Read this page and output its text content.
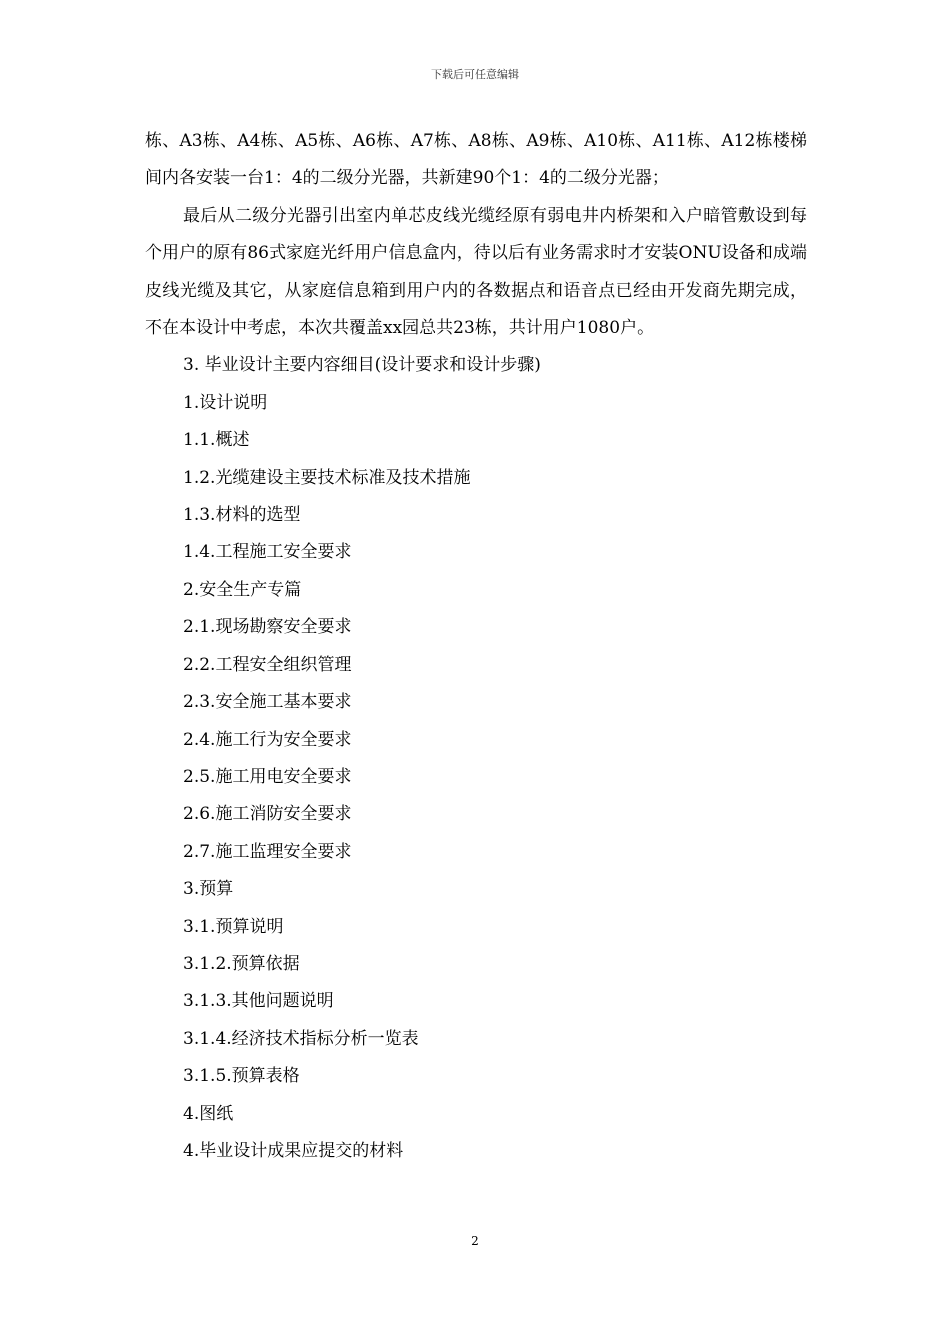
下载后可任意编辑

栋、A3栋、A4栋、A5栋、A6栋、A7栋、A8栋、A9栋、A10栋、A11栋、A12栋楼梯间内各安装一台1：4的二级分光器，共新建90个1：4的二级分光器；

最后从二级分光器引出室内单芯皮线光缆经原有弱电井内桥架和入户暗管敷设到每个用户的原有86式家庭光纤用户信息盒内，待以后有业务需求时才安装ONU设备和成端皮线光缆及其它，从家庭信息箱到用户内的各数据点和语音点已经由开发商先期完成，不在本设计中考虑，本次共覆盖xx园总共23栋，共计用户1080户。

3. 毕业设计主要内容细目(设计要求和设计步骤)
1.设计说明
1.1.概述
1.2.光缆建设主要技术标准及技术措施
1.3.材料的选型
1.4.工程施工安全要求
2.安全生产专篇
2.1.现场勘察安全要求
2.2.工程安全组织管理
2.3.安全施工基本要求
2.4.施工行为安全要求
2.5.施工用电安全要求
2.6.施工消防安全要求
2.7.施工监理安全要求
3.预算
3.1.预算说明
3.1.2.预算依据
3.1.3.其他问题说明
3.1.4.经济技术指标分析一览表
3.1.5.预算表格
4.图纸
4.毕业设计成果应提交的材料
2
